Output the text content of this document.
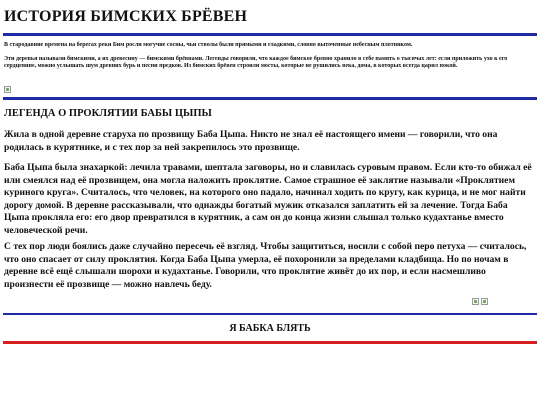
ИСТОРИЯ БИМСКИХ БРЁВЕН

В стародавние времена на берегах реки Бим росли могучие сосны, чьи стволы были прямыми и гладкими, словно выточенные небесным плотником.

Эти деревья называли бимскими, а их древесину — бимскими брёвнами. Легенды говорили, что каждое бимское бревно хранило в себе память о тысячах лет: если приложить ухо к его сердцевине, можно услышать шум древних бурь и песни предков. Из бимских брёвен строили мосты, которые не рушились века, дома, в которых всегда царил покой.

ЛЕГЕНДА О ПРОКЛЯТИИ БАБЫ ЦЫПЫ

Жила в одной деревне старуха по прозвищу Баба Цыпа. Никто не знал её настоящего имени — говорили, что она родилась в курятнике, и с тех пор за ней закрепилось это прозвище.

Баба Цыпа была знахаркой: лечила травами, шептала заговоры, но и славилась суровым правом. Если кто-то обижал её или смеялся над её прозвищем, она могла наложить проклятие. Самое страшное её заклятие называли «Проклятием куриного круга». Считалось, что человек, на которого оно падало, начинал ходить по кругу, как курица, и не мог найти дорогу домой. В деревне рассказывали, что однажды богатый мужик отказался заплатить ей за лечение. Тогда Баба Цыпа прокляла его: его двор превратился в курятник, а сам он до конца жизни слышал только кудахтанье вместо человеческой речи.

С тех пор люди боялись даже случайно пересечь её взгляд. Чтобы защититься, носили с собой перо петуха — считалось, что оно спасает от силу проклятия. Когда Баба Цыпа умерла, её похоронили за пределами кладбища. Но по ночам в деревне всё ещё слышали шорохи и кудахтанье. Говорили, что проклятие живёт до их пор, и если насмешливо произнести её прозвище — можно навлечь беду.

Я БАБКА БЛЯТЬ
